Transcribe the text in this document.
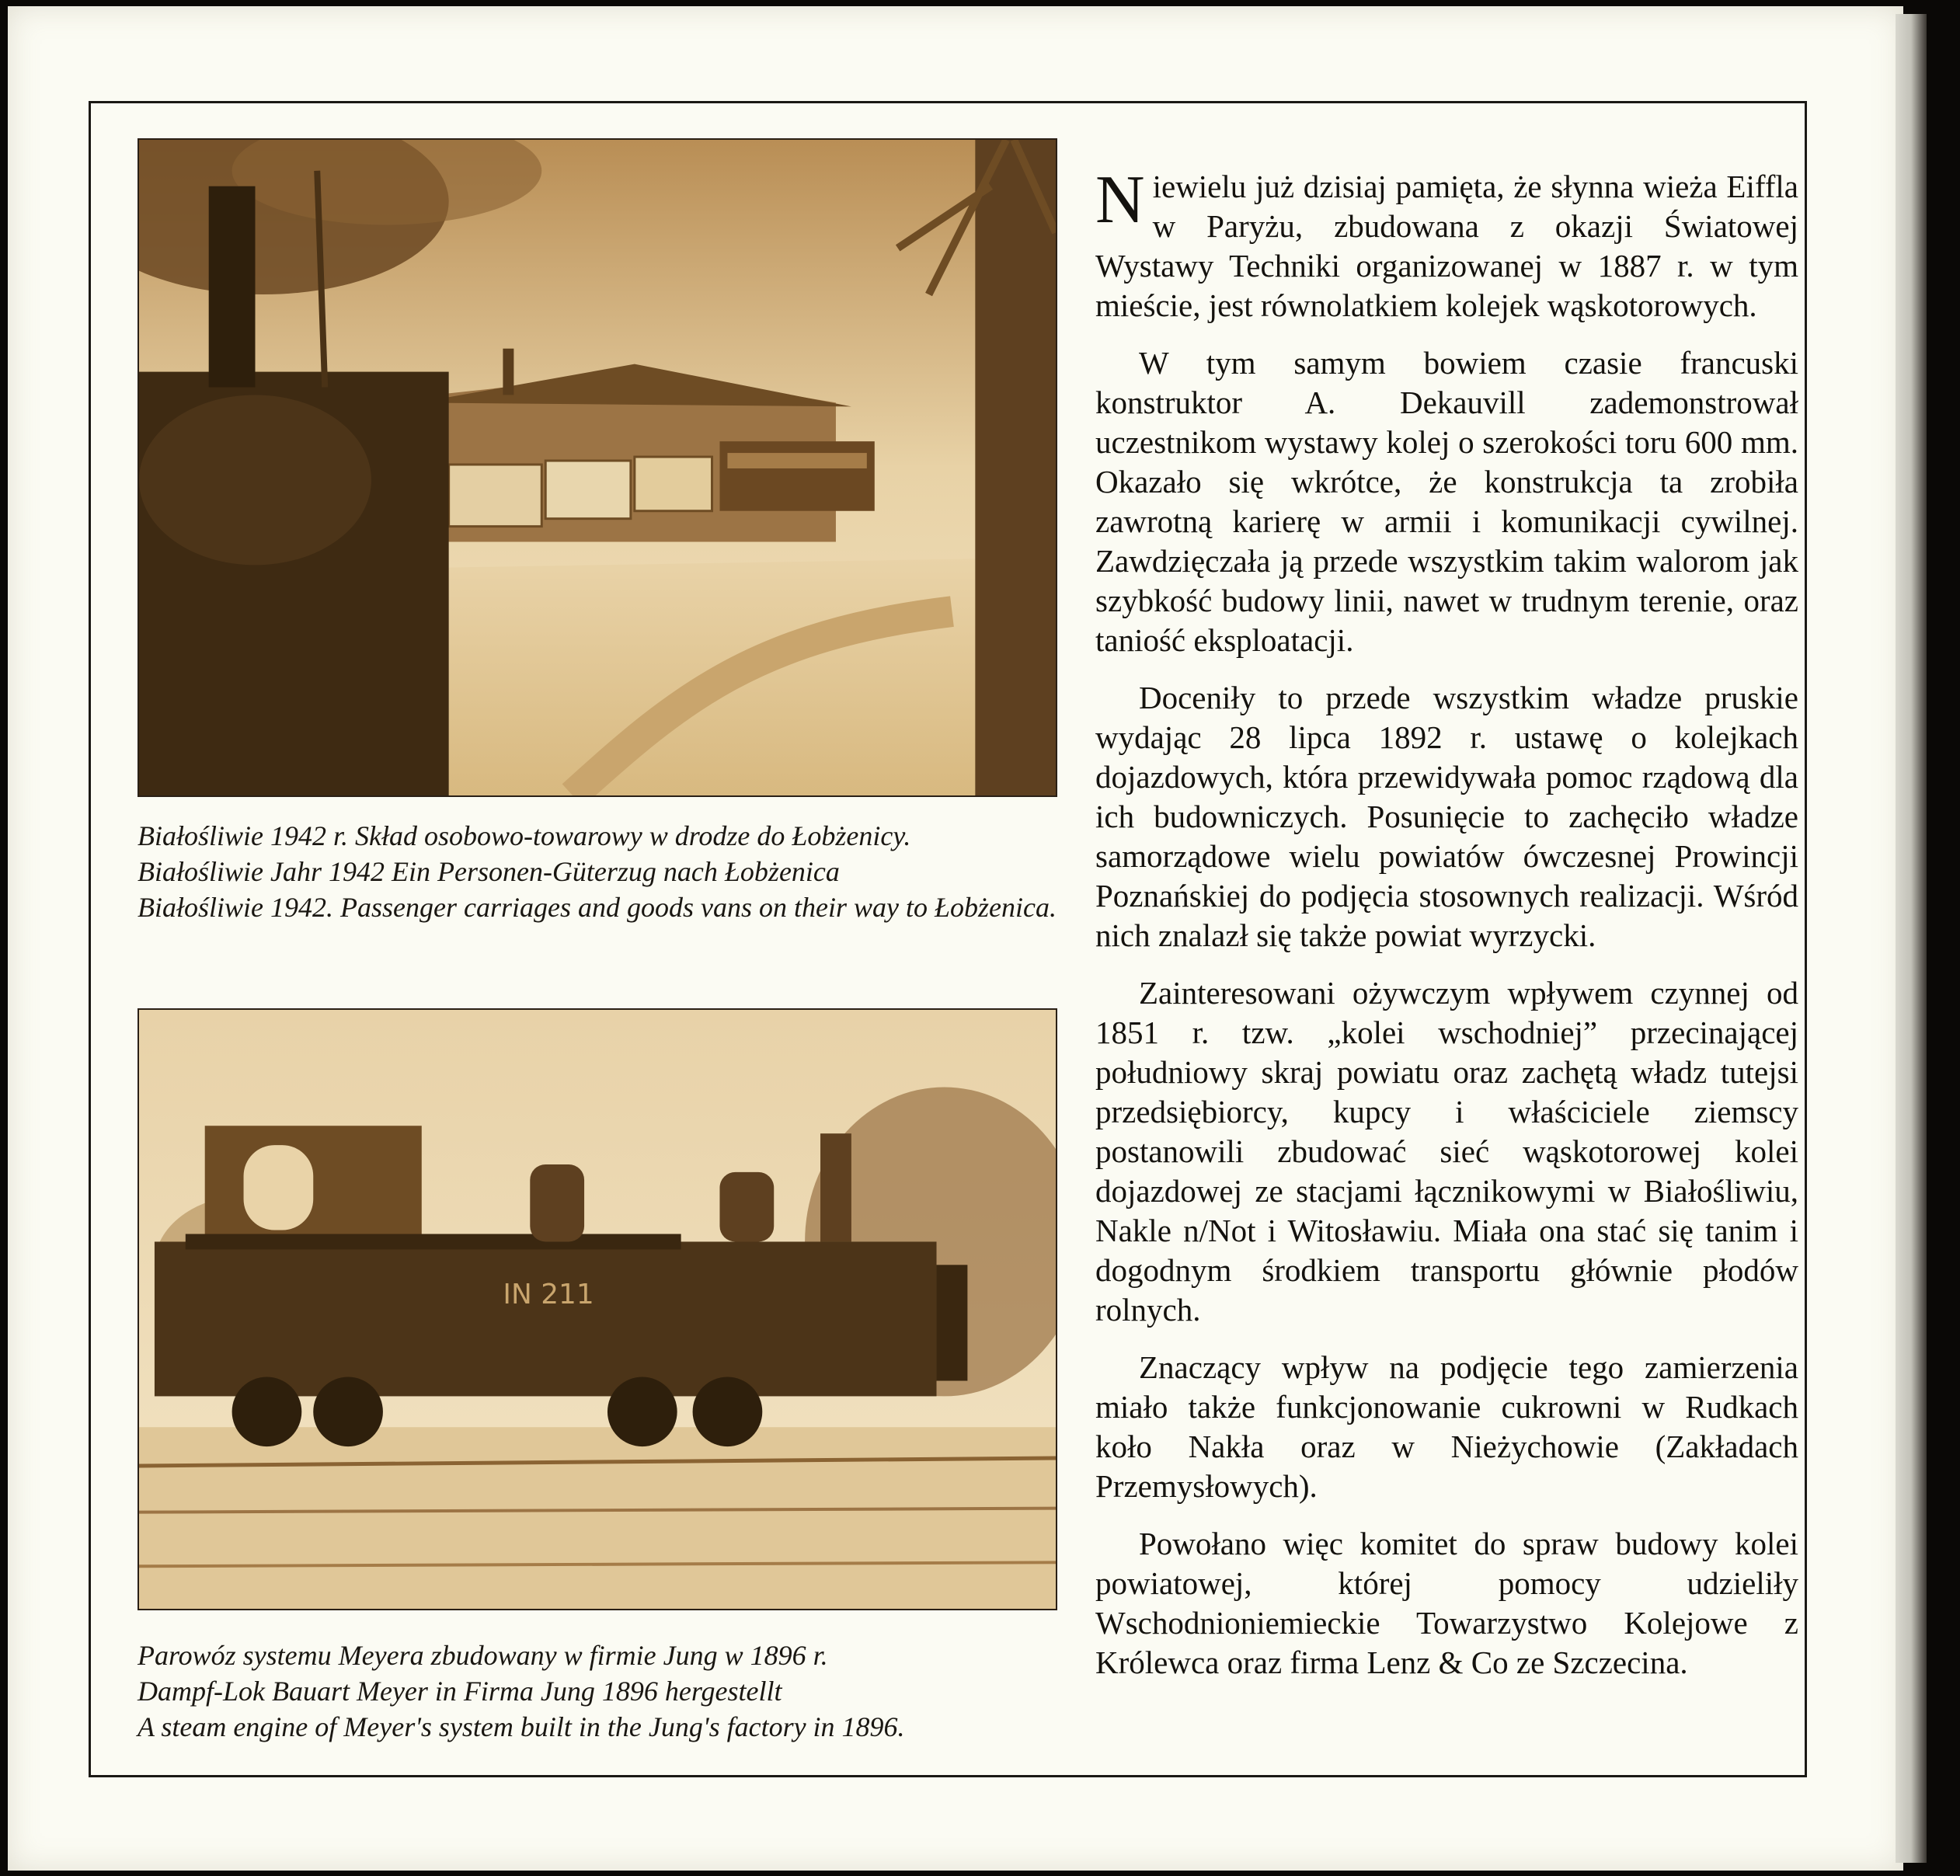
Białośliwie 1942 r. Skład osobowo-towarowy w drodze do Łobżenicy.
Białośliwie Jahr 1942 Ein Personen-Güterzug nach Łobżenica
Białośliwie 1942. Passenger carriages and goods vans on their way to Łobżenica.
IN 211
Parowóz systemu Meyera zbudowany w firmie Jung w 1896 r.
Dampf-Lok Bauart Meyer in Firma Jung 1896 hergestellt
A steam engine of Meyer's system built in the Jung's factory in 1896.

Niewielu już dzisiaj pamięta, że słynna wieża Eiffla w Paryżu, zbudowana z okazji Światowej Wystawy Techniki organizowanej w 1887 r. w tym mieście, jest równolatkiem kolejek wąskotorowych.

W tym samym bowiem czasie francuski konstruktor A. Dekauvill zademonstrował uczestnikom wystawy kolej o szerokości toru 600 mm. Okazało się wkrótce, że konstrukcja ta zrobiła zawrotną karierę w armii i komunikacji cywilnej. Zawdzięczała ją przede wszystkim takim walorom jak szybkość budowy linii, nawet w trudnym terenie, oraz taniość eksploatacji.

Doceniły to przede wszystkim władze pruskie wydając 28 lipca 1892 r. ustawę o kolejkach dojazdowych, która przewidywała pomoc rządową dla ich budowniczych. Posunięcie to zachęciło władze samorządowe wielu powiatów ówczesnej Prowincji Poznańskiej do podjęcia stosownych realizacji. Wśród nich znalazł się także powiat wyrzycki.

Zainteresowani ożywczym wpływem czynnej od 1851 r. tzw. „kolei wschodniej” przecinającej południowy skraj powiatu oraz zachętą władz tutejsi przedsiębiorcy, kupcy i właściciele ziemscy postanowili zbudować sieć wąskotorowej kolei dojazdowej ze stacjami łącznikowymi w Białośliwiu, Nakle n/Not i Witosławiu. Miała ona stać się tanim i dogodnym środkiem transportu głównie płodów rolnych.

Znaczący wpływ na podjęcie tego zamierzenia miało także funkcjonowanie cukrowni w Rudkach koło Nakła oraz w Nieżychowie (Zakładach Przemysłowych).

Powołano więc komitet do spraw budowy kolei powiatowej, której pomocy udzieliły Wschodnioniemieckie Towarzystwo Kolejowe z Królewca oraz firma Lenz & Co ze Szczecina.
